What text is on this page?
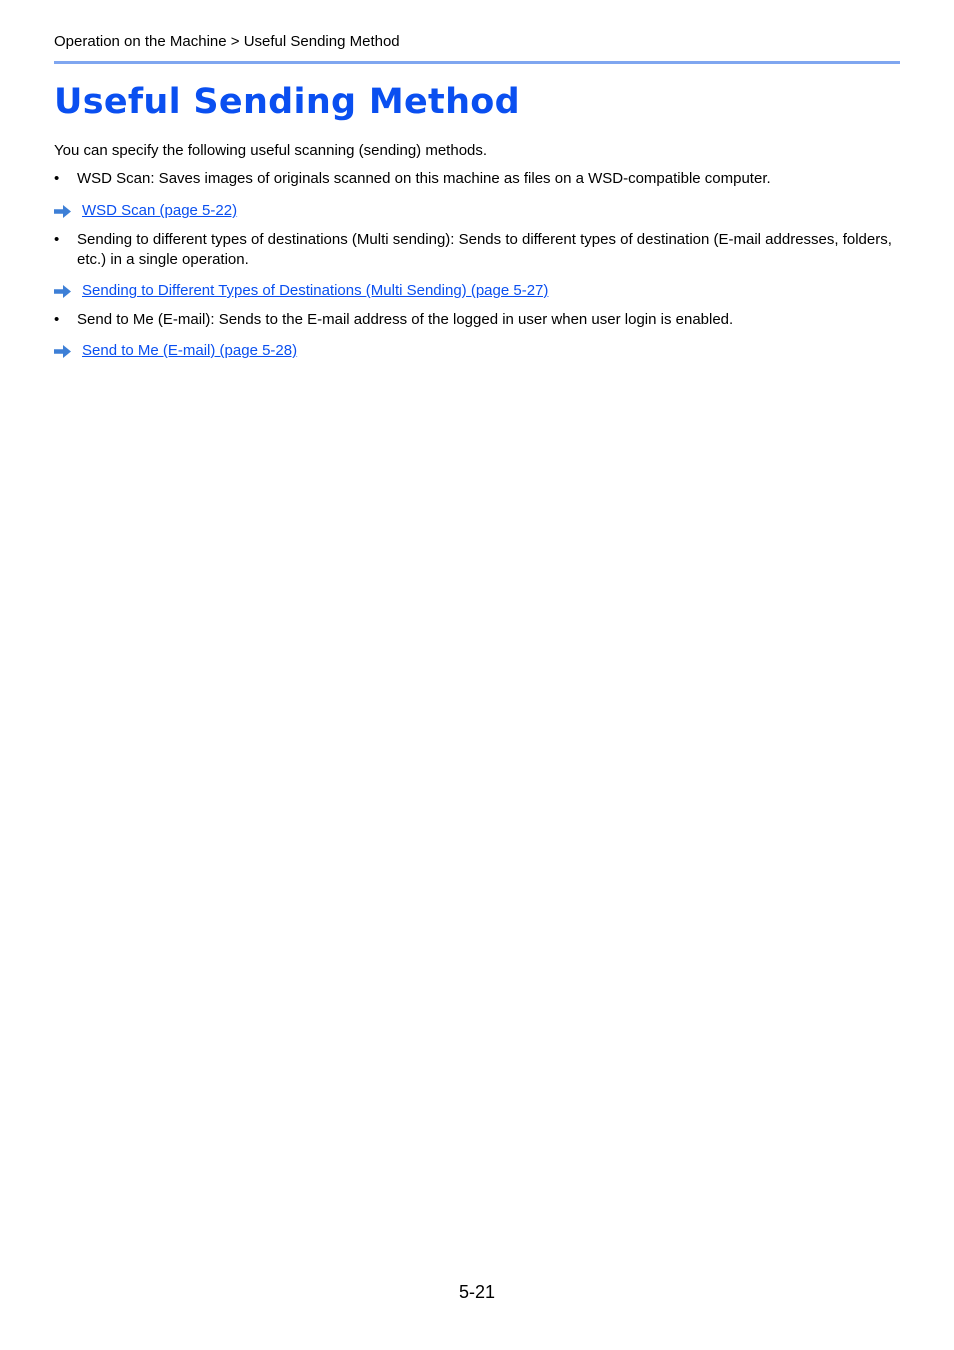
Operation on the Machine > Useful Sending Method
Useful Sending Method
You can specify the following useful scanning (sending) methods.
•	WSD Scan: Saves images of originals scanned on this machine as files on a WSD-compatible computer.
WSD Scan (page 5-22)
•	Sending to different types of destinations (Multi sending): Sends to different types of destination (E-mail addresses, folders, etc.) in a single operation.
Sending to Different Types of Destinations (Multi Sending) (page 5-27)
•	Send to Me (E-mail): Sends to the E-mail address of the logged in user when user login is enabled.
Send to Me (E-mail) (page 5-28)
5-21
